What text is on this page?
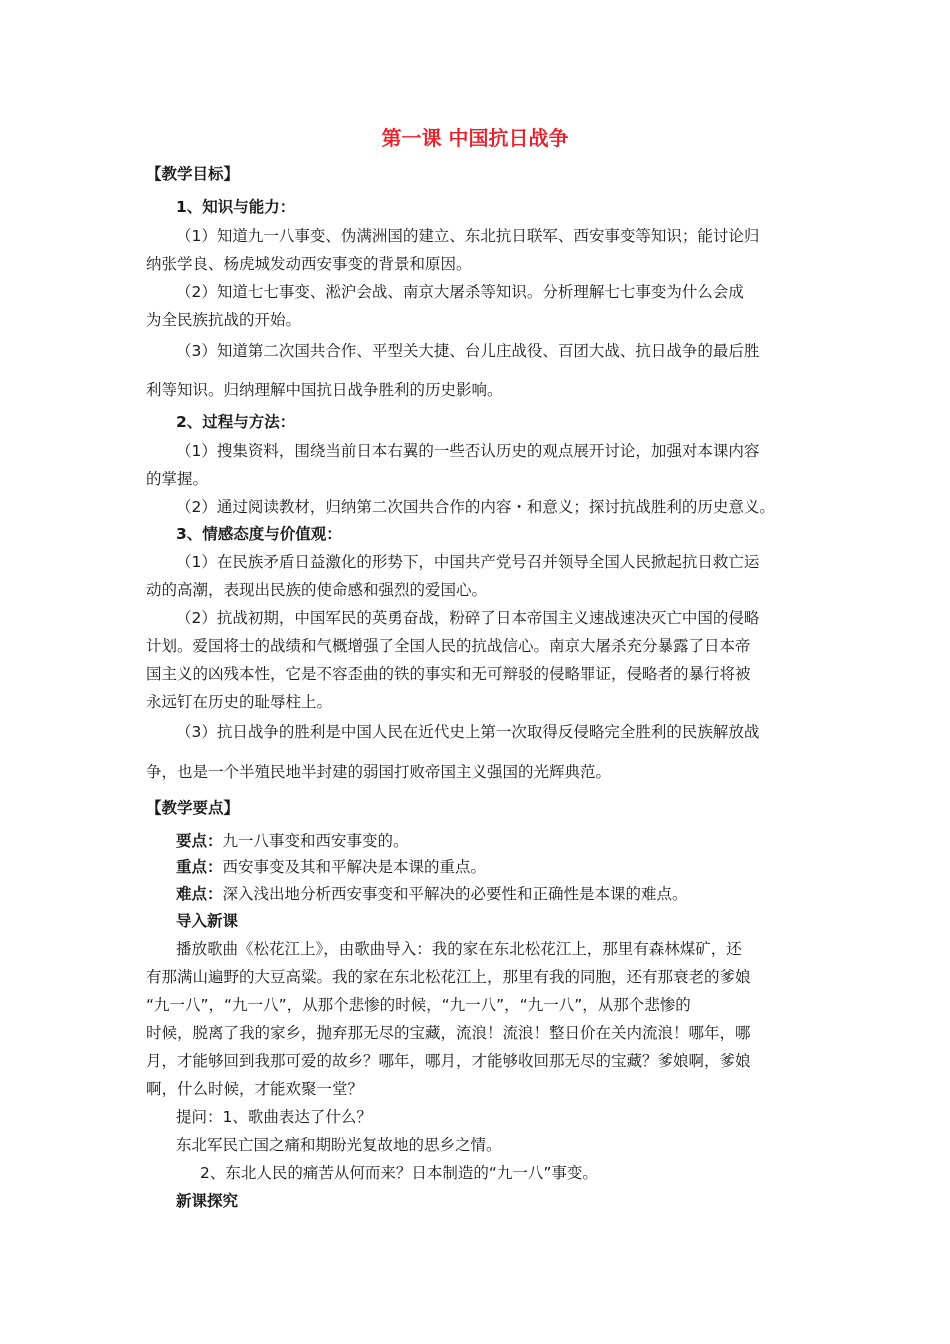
第一课 中国抗日战争
【教学目标】
1、知识与能力：
（1）知道九一八事变、伪满洲国的建立、东北抗日联军、西安事变等知识；能讨论归
纳张学良、杨虎城发动西安事变的背景和原因。
（2）知道七七事变、淞沪会战、南京大屠杀等知识。分析理解七七事变为什么会成
为全民族抗战的开始。
（3）知道第二次国共合作、平型关大捷、台儿庄战役、百团大战、抗日战争的最后胜
利等知识。归纳理解中国抗日战争胜利的历史影响。
2、过程与方法：
（1）搜集资料，围绕当前日本右翼的一些否认历史的观点展开讨论，加强对本课内容
的掌握。
（2）通过阅读教材，归纳第二次国共合作的内容・和意义；探讨抗战胜利的历史意义。
3、情感态度与价值观：
（1）在民族矛盾日益激化的形势下，中国共产党号召并领导全国人民掀起抗日救亡运
动的高潮，表现出民族的使命感和强烈的爱国心。
（2）抗战初期，中国军民的英勇奋战，粉碎了日本帝国主义速战速决灭亡中国的侵略
计划。爱国将士的战绩和气概增强了全国人民的抗战信心。南京大屠杀充分暴露了日本帝
国主义的凶残本性，它是不容歪曲的铁的事实和无可辩驳的侵略罪证，侵略者的暴行将被
永远钉在历史的耻辱柱上。
（3）抗日战争的胜利是中国人民在近代史上第一次取得反侵略完全胜利的民族解放战
争，也是一个半殖民地半封建的弱国打败帝国主义强国的光辉典范。
【教学要点】
要点：九一八事变和西安事变的。
重点：西安事变及其和平解决是本课的重点。
难点：深入浅出地分析西安事变和平解决的必要性和正确性是本课的难点。
导入新课
播放歌曲《松花江上》，由歌曲导入：我的家在东北松花江上，那里有森林煤矿，还
有那满山遍野的大豆高粱。我的家在东北松花江上，那里有我的同胞，还有那衰老的爹娘
“九一八”，“九一八”，从那个悲惨的时候，“九一八”，“九一八”，从那个悲惨的
时候，脱离了我的家乡，抛弃那无尽的宝藏，流浪！流浪！整日价在关内流浪！哪年，哪
月，才能够回到我那可爱的故乡？哪年，哪月，才能够收回那无尽的宝藏？爹娘啊，爹娘
啊，什么时候，才能欢聚一堂？
提问：1、歌曲表达了什么？
东北军民亡国之痛和期盼光复故地的思乡之情。
2、东北人民的痛苦从何而来？日本制造的“九一八”事变。
新课探究
